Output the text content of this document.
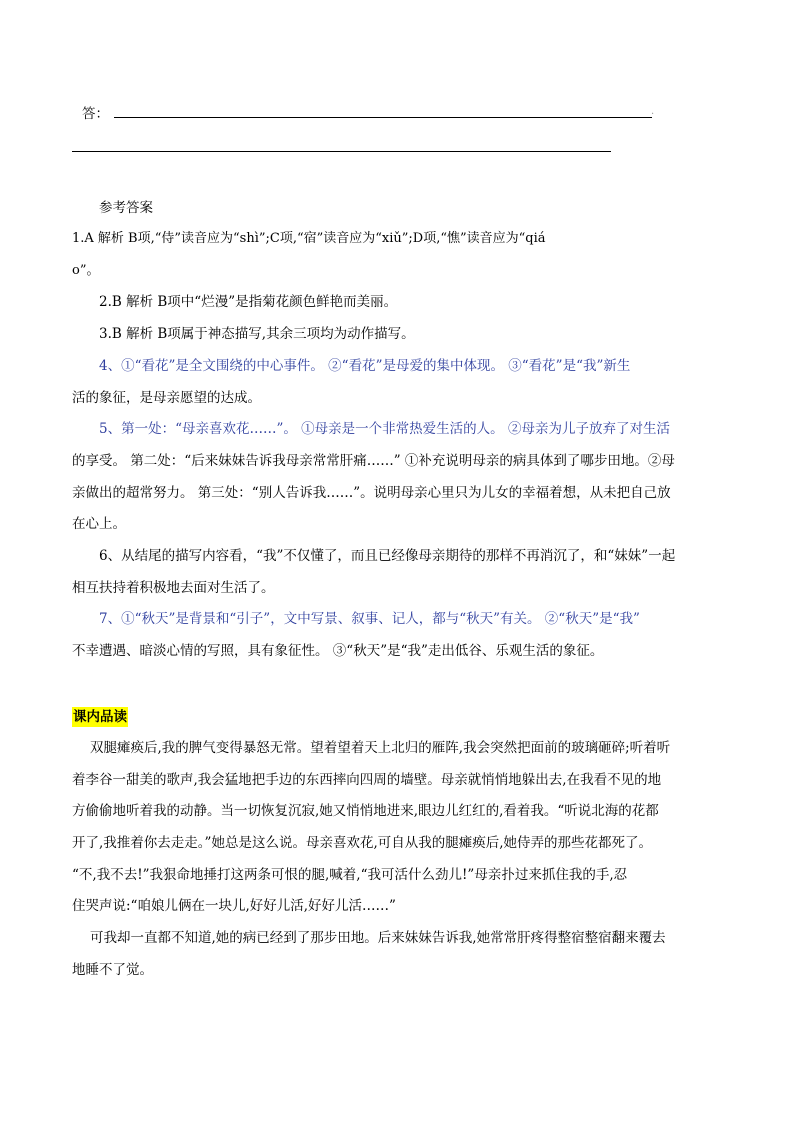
答：	.
参考答案
1.A 解析 B项,“侍”读音应为“shì”;C项,“宿”读音应为“xiǔ”;D项,“憔”读音应为“qiá
o”。
2.B 解析 B项中“烂漫”是指菊花颜色鲜艳而美丽。
3.B 解析 B项属于神态描写,其余三项均为动作描写。
4、①“看花”是全文围绕的中心事件。 ②“看花”是母爱的集中体现。 ③“看花”是“我”新生
活的象征，是母亲愿望的达成。
5、第一处：“母亲喜欢花……”。 ①母亲是一个非常热爱生活的人。 ②母亲为儿子放弃了对生活
的享受。 第二处：“后来妹妹告诉我母亲常常肝痛……” ①补充说明母亲的病具体到了哪步田地。②母
亲做出的超常努力。 第三处：“别人告诉我……”。说明母亲心里只为儿女的幸福着想，从未把自己放
在心上。
6、从结尾的描写内容看，“我”不仅懂了，而且已经像母亲期待的那样不再消沉了，和“妹妹”一起
相互扶持着积极地去面对生活了。
7、①“秋天”是背景和“引子”，文中写景、叙事、记人，都与“秋天”有关。 ②“秋天”是“我”
不幸遭遇、暗淡心情的写照，具有象征性。 ③“秋天”是“我”走出低谷、乐观生活的象征。
课内品读
双腿瘫痪后,我的脾气变得暴怒无常。望着望着天上北归的雁阵,我会突然把面前的玻璃砸碎;听着听
着李谷一甜美的歌声,我会猛地把手边的东西摔向四周的墙壁。母亲就悄悄地躲出去,在我看不见的地
方偷偷地听着我的动静。当一切恢复沉寂,她又悄悄地进来,眼边儿红红的,看着我。“听说北海的花都
开了,我推着你去走走。”她总是这么说。母亲喜欢花,可自从我的腿瘫痪后,她侍弄的那些花都死了。
“不,我不去!”我狠命地捶打这两条可恨的腿,喊着,“我可活什么劲儿!”母亲扑过来抓住我的手,忍
住哭声说:“咱娘儿俩在一块儿,好好儿活,好好儿活……”
可我却一直都不知道,她的病已经到了那步田地。后来妹妹告诉我,她常常肝疼得整宿整宿翻来覆去
地睡不了觉。
